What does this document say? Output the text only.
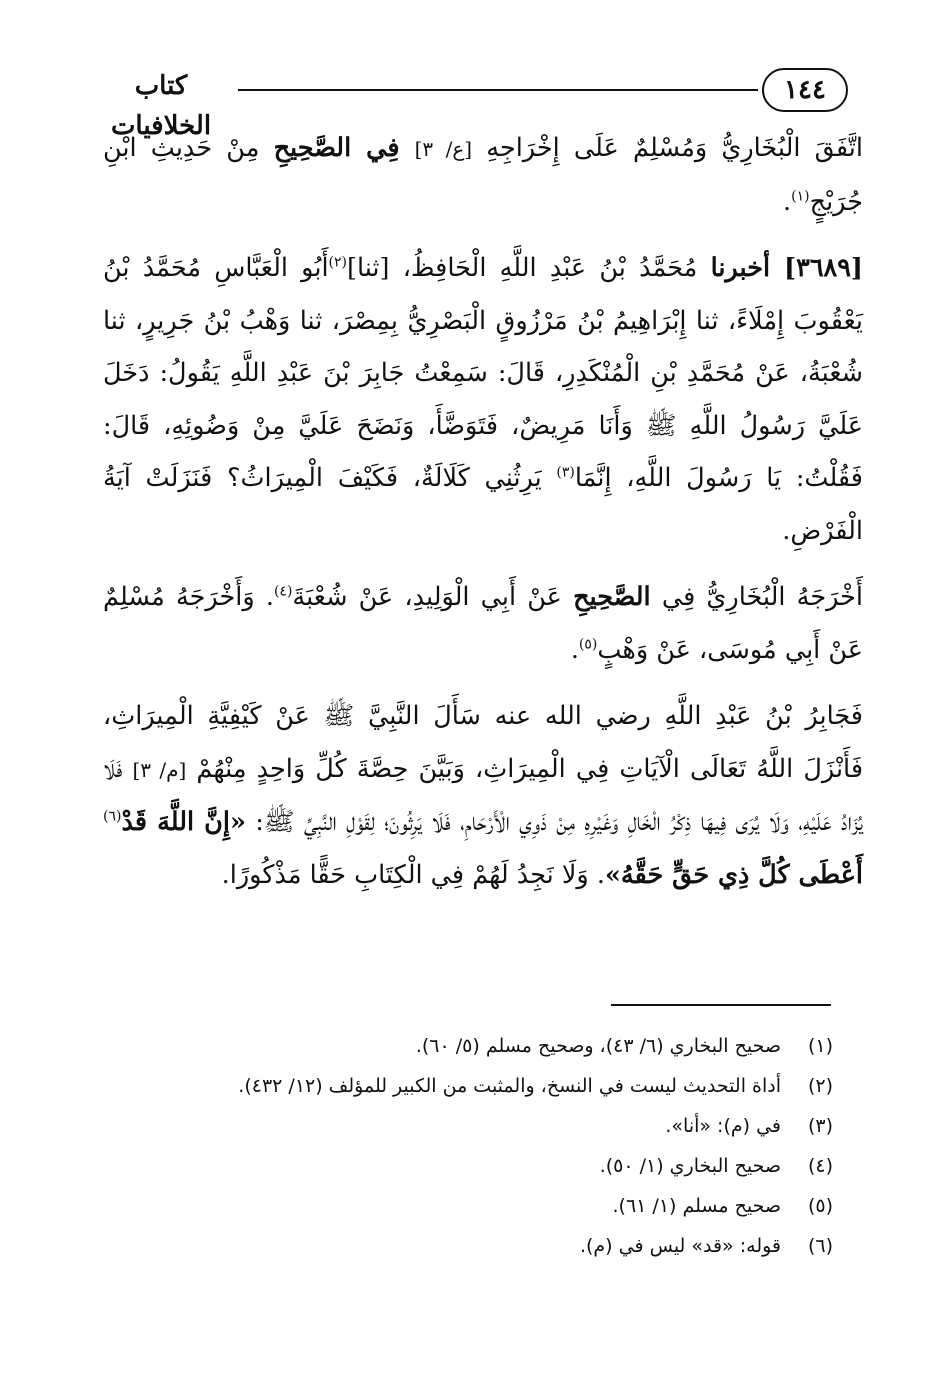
١٤٤
كتاب الخلافيات

اتَّفَقَ الْبُخَارِيُّ وَمُسْلِمٌ عَلَى إِخْرَاجِهِ [ع/ ٣] فِي الصَّحِيحِ مِنْ حَدِيثِ ابْنِ جُرَيْجٍ$^{(١)}$.

[٣٦٨٩] أخبرنا مُحَمَّدُ بْنُ عَبْدِ اللَّهِ الْحَافِظُ، [ثنا]$^{(٢)}$أَبُو الْعَبَّاسِ مُحَمَّدُ بْنُ يَعْقُوبَ إِمْلَاءً، ثنا إِبْرَاهِيمُ بْنُ مَرْزُوقٍ الْبَصْرِيُّ بِمِصْرَ، ثنا وَهْبُ بْنُ جَرِيرٍ، ثنا شُعْبَةُ، عَنْ مُحَمَّدِ بْنِ الْمُنْكَدِرِ، قَالَ: سَمِعْتُ جَابِرَ بْنَ عَبْدِ اللَّهِ يَقُولُ: دَخَلَ عَلَيَّ رَسُولُ اللَّهِ ﷺ وَأَنَا مَرِيضٌ، فَتَوَضَّأَ، وَنَضَحَ عَلَيَّ مِنْ وَضُوئِهِ، قَالَ: فَقُلْتُ: يَا رَسُولَ اللَّهِ، إِنَّمَا$^{(٣)}$ يَرِثُنِي كَلَالَةٌ، فَكَيْفَ الْمِيرَاثُ؟ فَنَزَلَتْ آيَةُ الْفَرْضِ.

أَخْرَجَهُ الْبُخَارِيُّ فِي الصَّحِيحِ عَنْ أَبِي الْوَلِيدِ، عَنْ شُعْبَةَ$^{(٤)}$. وَأَخْرَجَهُ مُسْلِمٌ عَنْ أَبِي مُوسَى، عَنْ وَهْبٍ$^{(٥)}$.

فَجَابِرُ بْنُ عَبْدِ اللَّهِ رضي الله عنه سَأَلَ النَّبِيَّ ﷺ عَنْ كَيْفِيَّةِ الْمِيرَاثِ، فَأَنْزَلَ اللَّهُ تَعَالَى الْآيَاتِ فِي الْمِيرَاثِ، وَبَيَّنَ حِصَّةَ كُلِّ وَاحِدٍ مِنْهُمْ [م/ ٣] فَلَا يُزَادُ عَلَيْهِ، وَلَا يُرَى فِيهَا ذِكْرُ الْخَالِ وَغَيْرِهِ مِنْ ذَوِي الْأَرْحَامِ، فَلَا يَرِثُونَ؛ لِقَوْلِ النَّبِيِّ ﷺ: «إِنَّ اللَّهَ قَدْ$^{(٦)}$ أَعْطَى كُلَّ ذِي حَقٍّ حَقَّهُ». وَلَا نَجِدُ لَهُمْ فِي الْكِتَابِ حَقًّا مَذْكُورًا.

(١)
صحيح البخاري (٦/ ٤٣)، وصحيح مسلم (٥/ ٦٠).
(٢)
أداة التحديث ليست في النسخ، والمثبت من الكبير للمؤلف (١٢/ ٤٣٢).
(٣)
في (م): «أنا».
(٤)
صحيح البخاري (١/ ٥٠).
(٥)
صحيح مسلم (١/ ٦١).
(٦)
قوله: «قد» ليس في (م).
